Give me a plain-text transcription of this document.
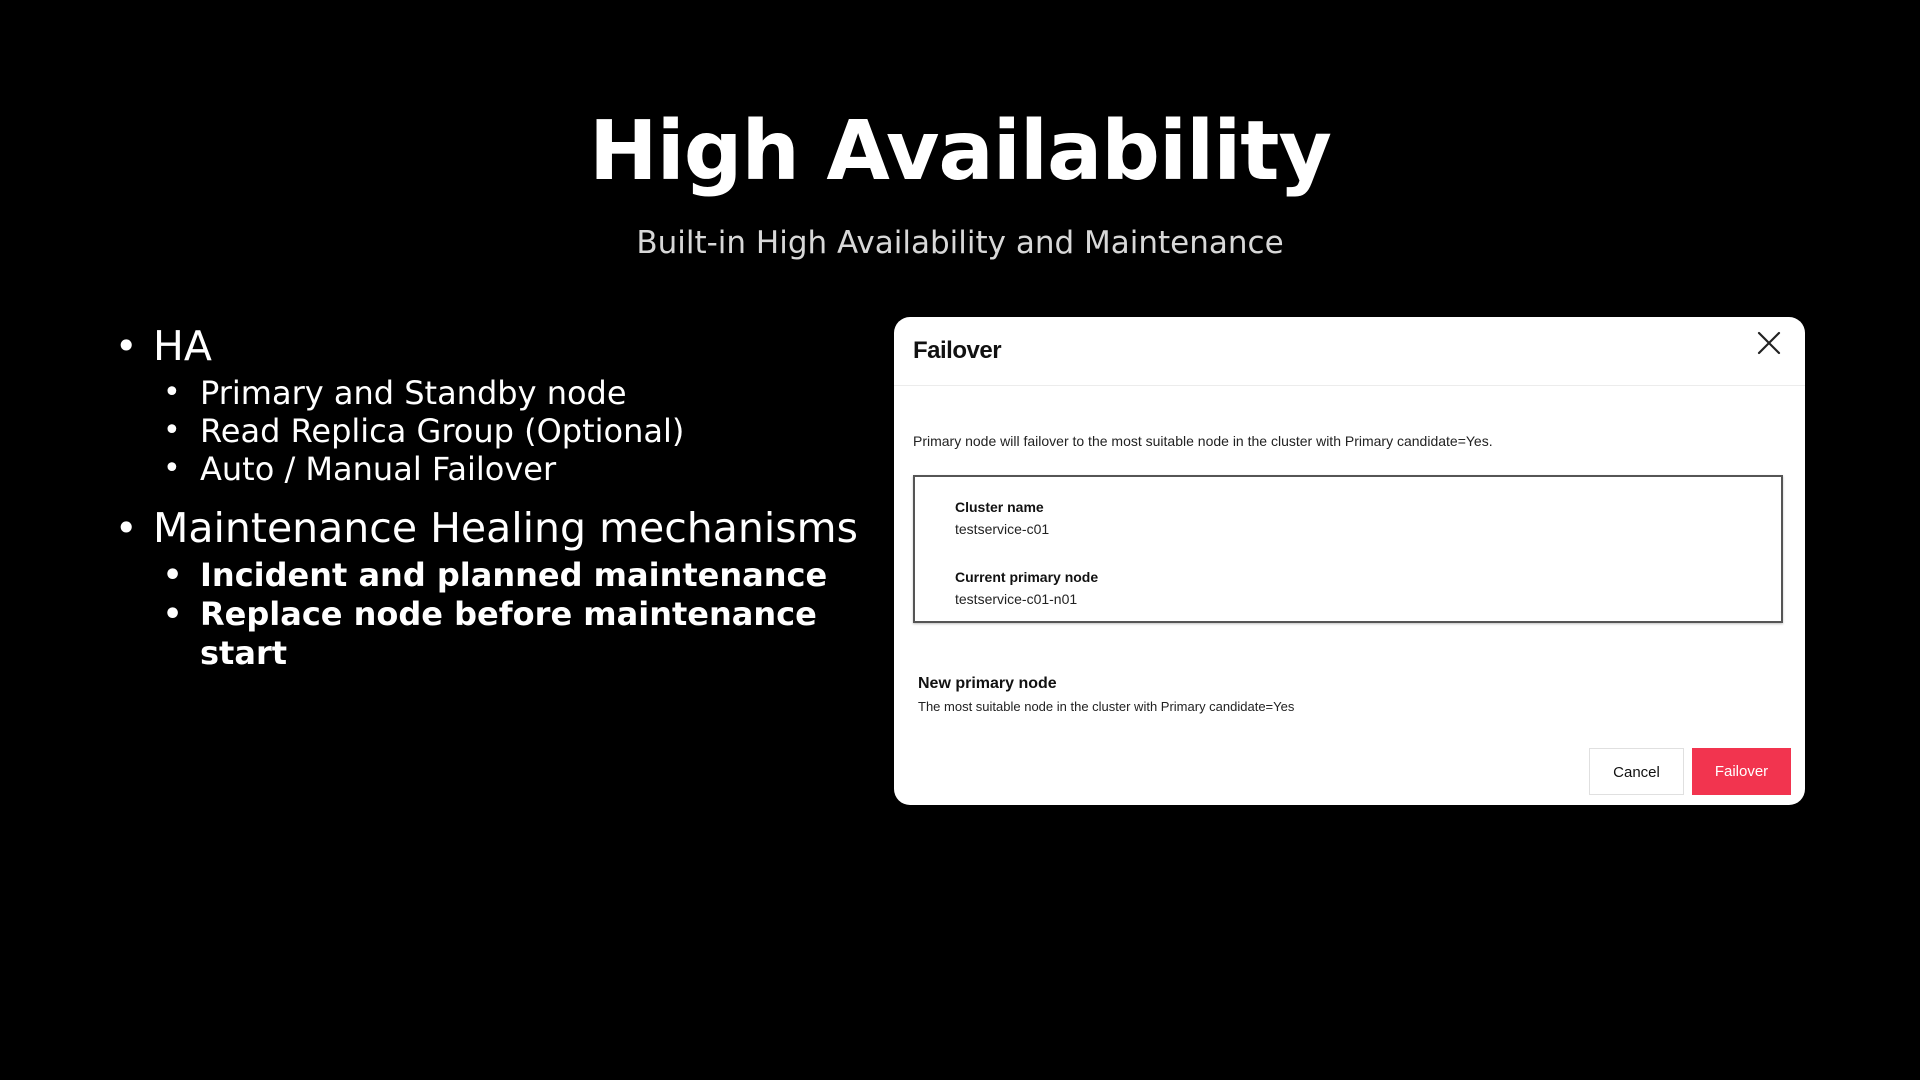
High Availability
Built-in High Availability and Maintenance
• HA
• Primary and Standby node
• Read Replica Group (Optional)
• Auto / Manual Failover
• Maintenance Healing mechanisms
• Incident and planned maintenance
• Replace node before maintenance start
Failover
Primary node will failover to the most suitable node in the cluster with Primary candidate=Yes.
Cluster name
testservice-c01
Current primary node
testservice-c01-n01
New primary node
The most suitable node in the cluster with Primary candidate=Yes
Cancel	Failover
